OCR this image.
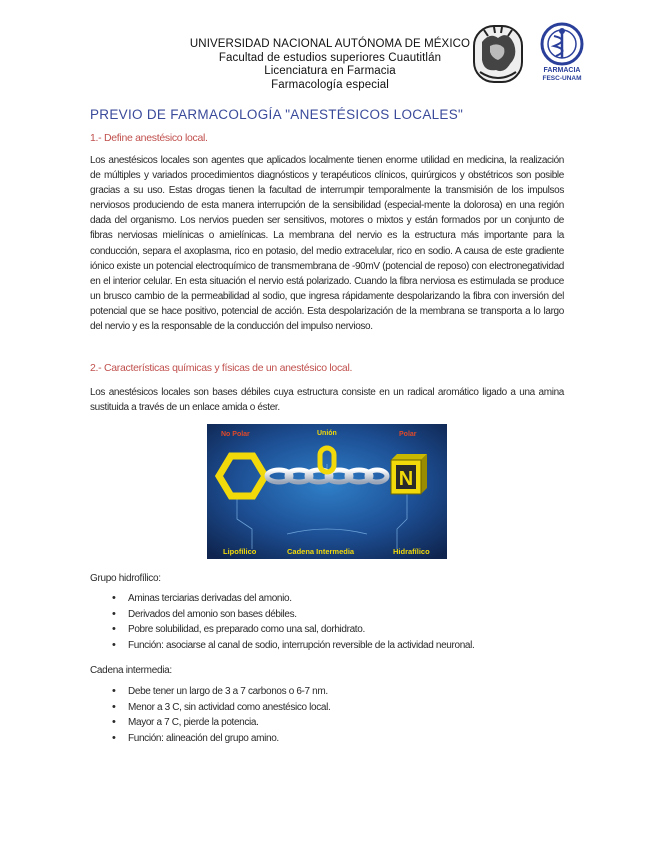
UNIVERSIDAD NACIONAL AUTÓNOMA DE MÉXICO
Facultad de estudios superiores Cuautitlán
Licenciatura en Farmacia
Farmacología especial
FARMACIA
FESC-UNAM
PREVIO DE FARMACOLOGÍA "ANESTÉSICOS LOCALES"
1.- Define anestésico local.
Los anestésicos locales son agentes que aplicados localmente tienen enorme utilidad en medicina, la realización de múltiples y variados procedimientos diagnósticos y terapéuticos clínicos, quirúrgicos y obstétricos son posible gracias a su uso. Estas drogas tienen la facultad de interrumpir temporalmente la transmisión de los impulsos nerviosos produciendo de esta manera interrupción de la sensibilidad (especial-mente la dolorosa) en una región dada del organismo. Los nervios pueden ser sensitivos, motores o mixtos y están formados por un conjunto de fibras nerviosas mielínicas o amielínicas. La membrana del nervio es la estructura más importante para la conducción, separa el axoplasma, rico en potasio, del medio extracelular, rico en sodio. A causa de este gradiente iónico existe un potencial electroquímico de transmembrana de -90mV (potencial de reposo) con electronegatividad en el interior celular. En esta situación el nervio está polarizado. Cuando la fibra nerviosa es estimulada se produce un brusco cambio de la permeabilidad al sodio, que ingresa rápidamente despolarizando la fibra con inversión del potencial que se hace positivo, potencial de acción. Esta despolarización de la membrana se transporta a lo largo del nervio y es la responsable de la conducción del impulso nervioso.
2.- Características químicas y físicas de un anestésico local.
Los anestésicos locales son bases débiles cuya estructura consiste en un radical aromático ligado a una amina sustituida a través de un enlace amida o éster.
N
No Polar	Unión	Polar
Lipofílico	Cadena Intermedia	Hidrafílico
Grupo hidrofílico:
• Aminas terciarias derivadas del amonio.
• Derivados del amonio son bases débiles.
• Pobre solubilidad, es preparado como una sal, dorhidrato.
• Función: asociarse al canal de sodio, interrupción reversible de la actividad neuronal.
Cadena intermedia:
• Debe tener un largo de 3 a 7 carbonos o 6-7 nm.
• Menor a 3 C, sin actividad como anestésico local.
• Mayor a 7 C, pierde la potencia.
• Función: alineación del grupo amino.
